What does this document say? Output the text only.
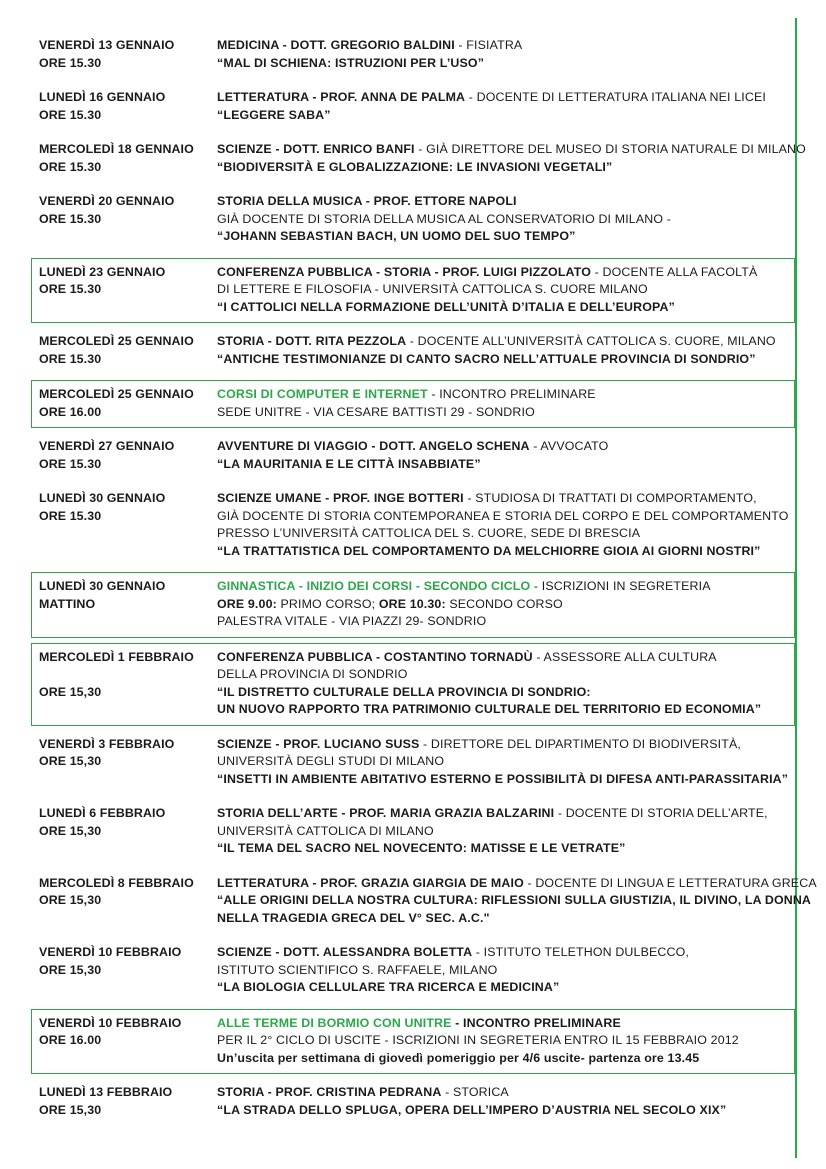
VENERDÌ 13 GENNAIO
ORE 15.30
MEDICINA - DOTT. GREGORIO BALDINI - FISIATRA
“MAL DI SCHIENA: ISTRUZIONI PER L’USO”
LUNEDÌ 16 GENNAIO
ORE 15.30
LETTERATURA - PROF. ANNA DE PALMA - DOCENTE DI LETTERATURA ITALIANA NEI LICEI
“LEGGERE SABA”
MERCOLEDÌ 18 GENNAIO
ORE 15.30
SCIENZE - DOTT. ENRICO BANFI - GIÀ DIRETTORE DEL MUSEO DI STORIA NATURALE DI MILANO
“BIODIVERSITÀ E GLOBALIZZAZIONE: LE INVASIONI VEGETALI”
VENERDÌ 20 GENNAIO
ORE 15.30
STORIA DELLA MUSICA - PROF. ETTORE NAPOLI
GIÀ DOCENTE DI STORIA DELLA MUSICA AL CONSERVATORIO DI MILANO -
“JOHANN SEBASTIAN BACH, UN UOMO DEL SUO TEMPO”
LUNEDÌ 23 GENNAIO
ORE 15.30
CONFERENZA PUBBLICA - STORIA - PROF. LUIGI PIZZOLATO - DOCENTE ALLA FACOLTÀ
DI LETTERE E FILOSOFIA - UNIVERSITÀ CATTOLICA S. CUORE MILANO
“I CATTOLICI NELLA FORMAZIONE DELL’UNITÀ D’ITALIA E DELL’EUROPA”
MERCOLEDÌ 25 GENNAIO
ORE 15.30
STORIA - DOTT. RITA PEZZOLA - DOCENTE ALL’UNIVERSITÀ CATTOLICA S. CUORE, MILANO
“ANTICHE TESTIMONIANZE DI CANTO SACRO NELL’ATTUALE PROVINCIA DI SONDRIO”
MERCOLEDÌ 25 GENNAIO
ORE 16.00
CORSI DI COMPUTER E INTERNET - INCONTRO PRELIMINARE
SEDE UNITRE - VIA CESARE BATTISTI 29 - SONDRIO
VENERDÌ 27 GENNAIO
ORE 15.30
AVVENTURE DI VIAGGIO - DOTT. ANGELO SCHENA - AVVOCATO
“LA MAURITANIA E LE CITTÀ INSABBIATE”
LUNEDÌ 30 GENNAIO
ORE 15.30
SCIENZE UMANE - PROF. INGE BOTTERI - STUDIOSA DI TRATTATI DI COMPORTAMENTO,
GIÀ DOCENTE DI STORIA CONTEMPORANEA E STORIA DEL CORPO E DEL COMPORTAMENTO
PRESSO L’UNIVERSITÀ CATTOLICA DEL S. CUORE, SEDE DI BRESCIA
“LA TRATTATISTICA DEL COMPORTAMENTO DA MELCHIORRE GIOIA AI GIORNI NOSTRI”
LUNEDÌ 30 GENNAIO
MATTINO
GINNASTICA - INIZIO DEI CORSI - SECONDO CICLO - ISCRIZIONI IN SEGRETERIA
ORE 9.00: PRIMO CORSO; ORE 10.30: SECONDO CORSO
PALESTRA VITALE - VIA PIAZZI 29- SONDRIO
MERCOLEDÌ 1 FEBBRAIO
ORE 15,30
CONFERENZA PUBBLICA - COSTANTINO TORNADÙ - ASSESSORE ALLA CULTURA
DELLA PROVINCIA DI SONDRIO
“IL DISTRETTO CULTURALE DELLA PROVINCIA DI SONDRIO:
UN NUOVO RAPPORTO TRA PATRIMONIO CULTURALE DEL TERRITORIO ED ECONOMIA”
VENERDÌ 3 FEBBRAIO
ORE 15,30
SCIENZE - PROF. LUCIANO SUSS - DIRETTORE DEL DIPARTIMENTO DI BIODIVERSITÀ,
UNIVERSITÀ DEGLI STUDI DI MILANO
“INSETTI IN AMBIENTE ABITATIVO ESTERNO E POSSIBILITÀ DI DIFESA ANTI-PARASSITARIA”
LUNEDÌ 6 FEBBRAIO
ORE 15,30
STORIA DELL’ARTE - PROF. MARIA GRAZIA BALZARINI - DOCENTE DI STORIA DELL’ARTE,
UNIVERSITÀ CATTOLICA DI MILANO
“IL TEMA DEL SACRO NEL NOVECENTO: MATISSE E LE VETRATE”
MERCOLEDÌ 8 FEBBRAIO
ORE 15,30
LETTERATURA - PROF. GRAZIA GIARGIA DE MAIO - DOCENTE DI LINGUA E LETTERATURA GRECA
“ALLE ORIGINI DELLA NOSTRA CULTURA: RIFLESSIONI SULLA GIUSTIZIA, IL DIVINO, LA DONNA
NELLA TRAGEDIA GRECA DEL V° SEC. A.C."
VENERDÌ 10 FEBBRAIO
ORE 15,30
SCIENZE - DOTT. ALESSANDRA BOLETTA - ISTITUTO TELETHON DULBECCO,
ISTITUTO SCIENTIFICO S. RAFFAELE, MILANO
“LA BIOLOGIA CELLULARE TRA RICERCA E MEDICINA”
VENERDÌ 10 FEBBRAIO
ORE 16.00
ALLE TERME DI BORMIO CON UNITRE - INCONTRO PRELIMINARE
PER IL 2° CICLO DI USCITE - ISCRIZIONI IN SEGRETERIA ENTRO IL 15 FEBBRAIO 2012
Un’uscita per settimana di giovedì pomeriggio per 4/6 uscite- partenza ore 13.45
LUNEDÌ 13 FEBBRAIO
ORE 15,30
STORIA - PROF. CRISTINA PEDRANA - STORICA
“LA STRADA DELLO SPLUGA, OPERA DELL’IMPERO D’AUSTRIA NEL SECOLO XIX”
